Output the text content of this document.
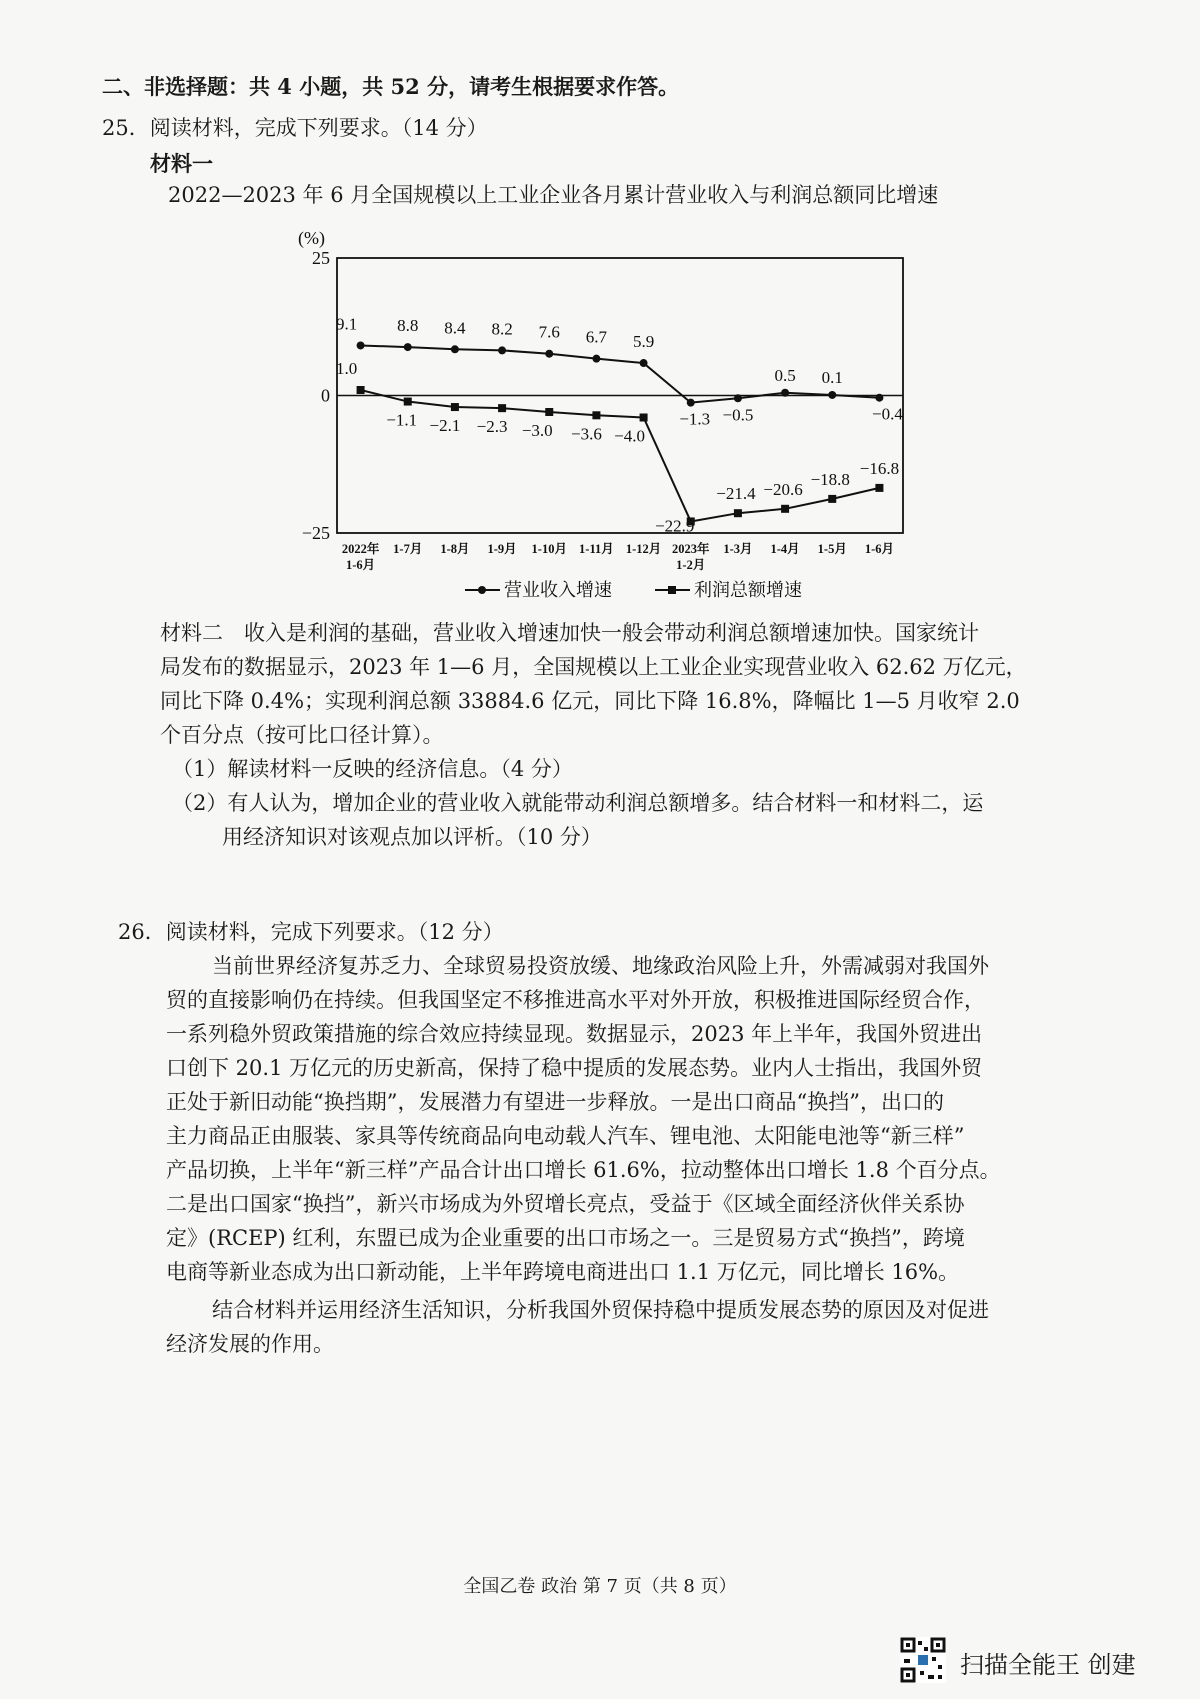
二、非选择题：共 4 小题，共 52 分，请考生根据要求作答。
25．阅读材料，完成下列要求。（14 分）
材料一
2022—2023 年 6 月全国规模以上工业企业各月累计营业收入与利润总额同比增速
(%)
25
0
−25
2022年
1-6月
1-7月 1-8月 1-9月 1-10月 1-11月 1-12月 2023年
1-2月
1-3月 1-4月 1-5月 1-6月
9.1 8.8 8.4 8.2 7.6 6.7 5.9
−1.3 −0.5
0.5 0.1
−0.4
1.0
−1.1 −2.1 −2.3 −3.0 −3.6 −4.0
−22.9
−21.4 −20.6
−18.8
−16.8
营业收入增速	利润总额增速
材料二　收入是利润的基础，营业收入增速加快一般会带动利润总额增速加快。国家统计
局发布的数据显示，2023 年 1—6 月，全国规模以上工业企业实现营业收入 62.62 万亿元，
同比下降 0.4%；实现利润总额 33884.6 亿元，同比下降 16.8%，降幅比 1—5 月收窄 2.0
个百分点（按可比口径计算）。
（1）解读材料一反映的经济信息。（4 分）
（2）有人认为，增加企业的营业收入就能带动利润总额增多。结合材料一和材料二，运
用经济知识对该观点加以评析。（10 分）
26．阅读材料，完成下列要求。（12 分）
当前世界经济复苏乏力、全球贸易投资放缓、地缘政治风险上升，外需减弱对我国外
贸的直接影响仍在持续。但我国坚定不移推进高水平对外开放，积极推进国际经贸合作，
一系列稳外贸政策措施的综合效应持续显现。数据显示，2023 年上半年，我国外贸进出
口创下 20.1 万亿元的历史新高，保持了稳中提质的发展态势。业内人士指出，我国外贸
正处于新旧动能“换挡期”，发展潜力有望进一步释放。一是出口商品“换挡”，出口的
主力商品正由服装、家具等传统商品向电动载人汽车、锂电池、太阳能电池等“新三样”
产品切换，上半年“新三样”产品合计出口增长 61.6%，拉动整体出口增长 1.8 个百分点。
二是出口国家“换挡”，新兴市场成为外贸增长亮点，受益于《区域全面经济伙伴关系协
定》(RCEP) 红利，东盟已成为企业重要的出口市场之一。三是贸易方式“换挡”，跨境
电商等新业态成为出口新动能，上半年跨境电商进出口 1.1 万亿元，同比增长 16%。
结合材料并运用经济生活知识，分析我国外贸保持稳中提质发展态势的原因及对促进
经济发展的作用。
全国乙卷 政治 第 7 页（共 8 页）
扫描全能王 创建
